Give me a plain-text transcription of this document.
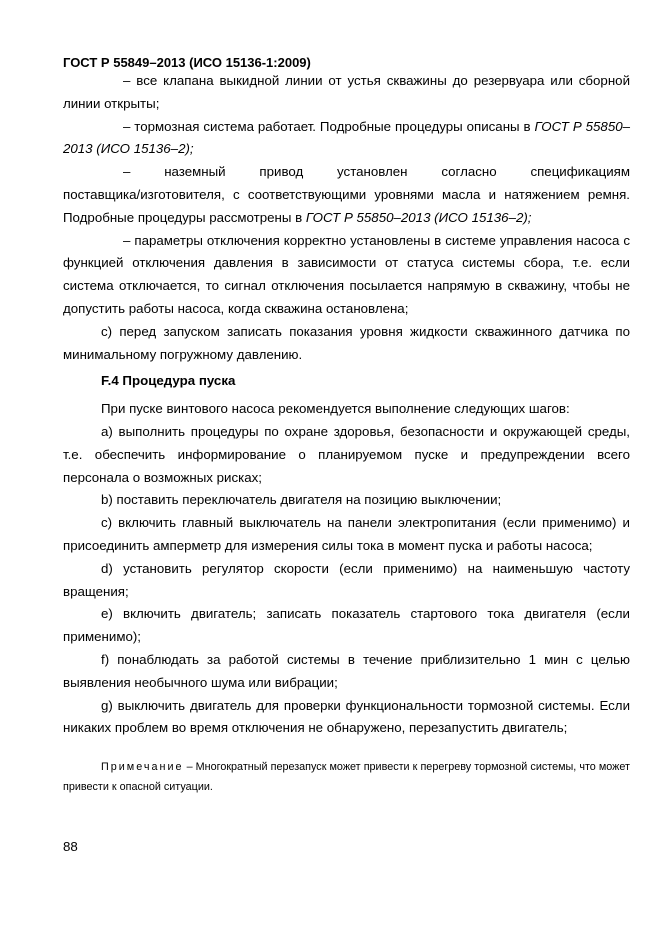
ГОСТ Р 55849–2013 (ИСО 15136-1:2009)

– все клапана выкидной линии от устья скважины до резервуара или сборной линии открыты;

– тормозная система работает. Подробные процедуры описаны в ГОСТ Р 55850–2013 (ИСО 15136–2);

– наземный привод установлен согласно спецификациям

поставщика/изготовителя, с соответствующими уровнями масла и натяжением ремня. Подробные процедуры рассмотрены в ГОСТ Р 55850–2013 (ИСО 15136–2);

– параметры отключения корректно установлены в системе управления насоса с функцией отключения давления в зависимости от статуса системы сбора, т.е. если система отключается, то сигнал отключения посылается напрямую в скважину, чтобы не допустить работы насоса, когда скважина остановлена;

c) перед запуском записать показания уровня жидкости скважинного датчика по минимальному погружному давлению.

F.4 Процедура пуска

При пуске винтового насоса рекомендуется выполнение следующих шагов:

а) выполнить процедуры по охране здоровья, безопасности и окружающей среды, т.е. обеспечить информирование о планируемом пуске и предупреждении всего персонала о возможных рисках;

b) поставить переключатель двигателя на позицию выключении;

c) включить главный выключатель на панели электропитания (если применимо) и присоединить амперметр для измерения силы тока в момент пуска и работы насоса;

d) установить регулятор скорости (если применимо) на наименьшую частоту вращения;

e) включить двигатель; записать показатель стартового тока двигателя (если применимо);

f) понаблюдать за работой системы в течение приблизительно 1 мин с целью выявления необычного шума или вибрации;

g) выключить двигатель для проверки функциональности тормозной системы. Если никаких проблем во время отключения не обнаружено, перезапустить двигатель;

Примечание – Многократный перезапуск может привести к перегреву тормозной системы, что может привести к опасной ситуации.
88
